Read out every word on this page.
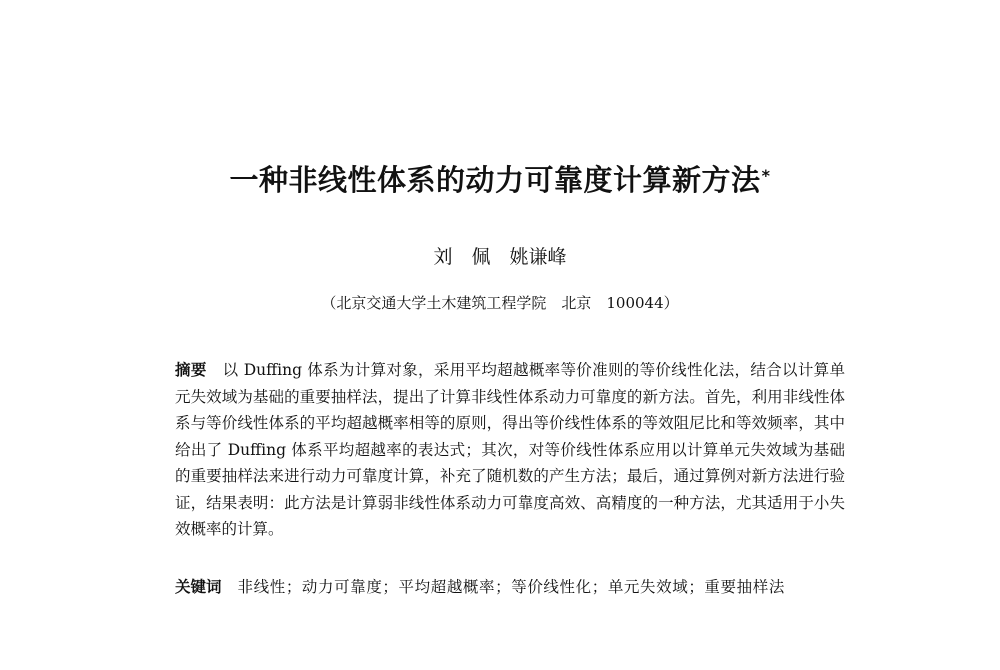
一种非线性体系的动力可靠度计算新方法*
刘　佩　姚谦峰
（北京交通大学土木建筑工程学院　北京　100044）
摘要 以 Duffing 体系为计算对象，采用平均超越概率等价准则的等价线性化法，结合以计算单元失效域为基础的重要抽样法，提出了计算非线性体系动力可靠度的新方法。首先，利用非线性体系与等价线性体系的平均超越概率相等的原则，得出等价线性体系的等效阻尼比和等效频率，其中给出了 Duffing 体系平均超越率的表达式；其次，对等价线性体系应用以计算单元失效域为基础的重要抽样法来进行动力可靠度计算，补充了随机数的产生方法；最后，通过算例对新方法进行验证，结果表明：此方法是计算弱非线性体系动力可靠度高效、高精度的一种方法，尤其适用于小失效概率的计算。
关键词 非线性；动力可靠度；平均超越概率；等价线性化；单元失效域；重要抽样法
